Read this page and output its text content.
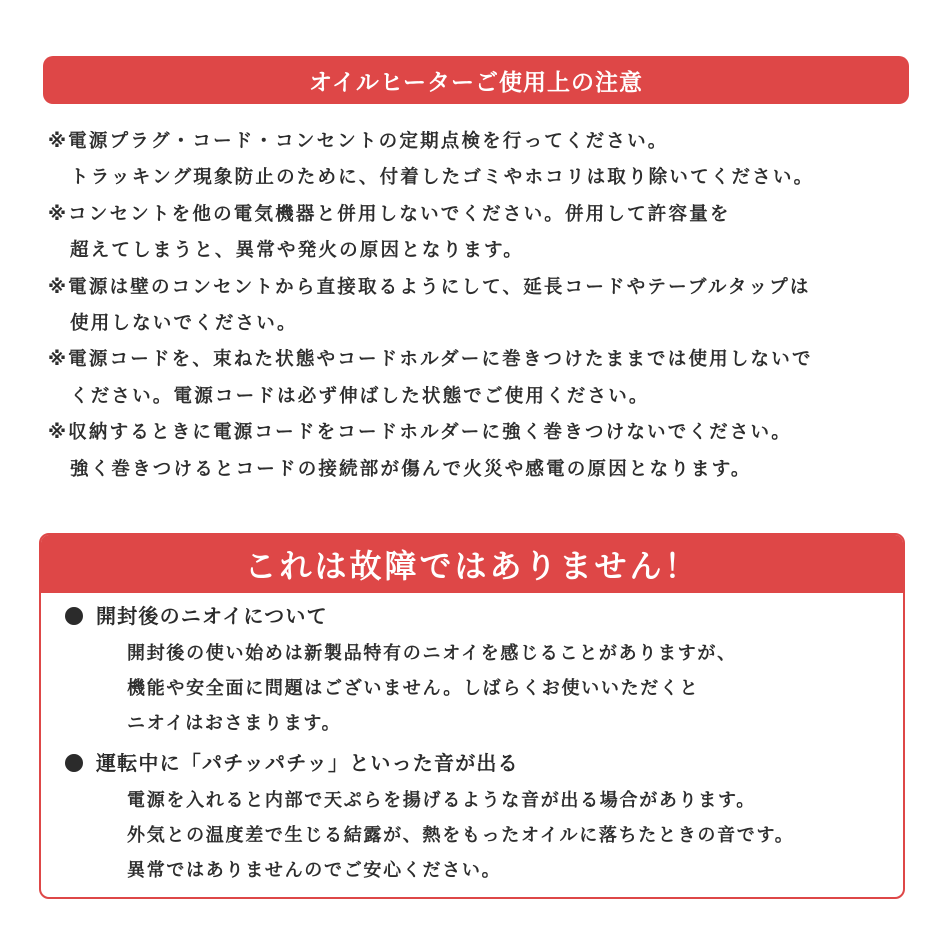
オイルヒーターご使用上の注意
※電源プラグ・コード・コンセントの定期点検を行ってください。
トラッキング現象防止のために、付着したゴミやホコリは取り除いてください。
※コンセントを他の電気機器と併用しないでください。併用して許容量を
超えてしまうと、異常や発火の原因となります。
※電源は壁のコンセントから直接取るようにして、延長コードやテーブルタップは
使用しないでください。
※電源コードを、束ねた状態やコードホルダーに巻きつけたままでは使用しないで
ください。電源コードは必ず伸ばした状態でご使用ください。
※収納するときに電源コードをコードホルダーに強く巻きつけないでください。
強く巻きつけるとコードの接続部が傷んで火災や感電の原因となります。
これは故障ではありません！
開封後のニオイについて
開封後の使い始めは新製品特有のニオイを感じることがありますが、
機能や安全面に問題はございません。しばらくお使いいただくと
ニオイはおさまります。
運転中に「パチッパチッ」といった音が出る
電源を入れると内部で天ぷらを揚げるような音が出る場合があります。
外気との温度差で生じる結露が、熱をもったオイルに落ちたときの音です。
異常ではありませんのでご安心ください。
